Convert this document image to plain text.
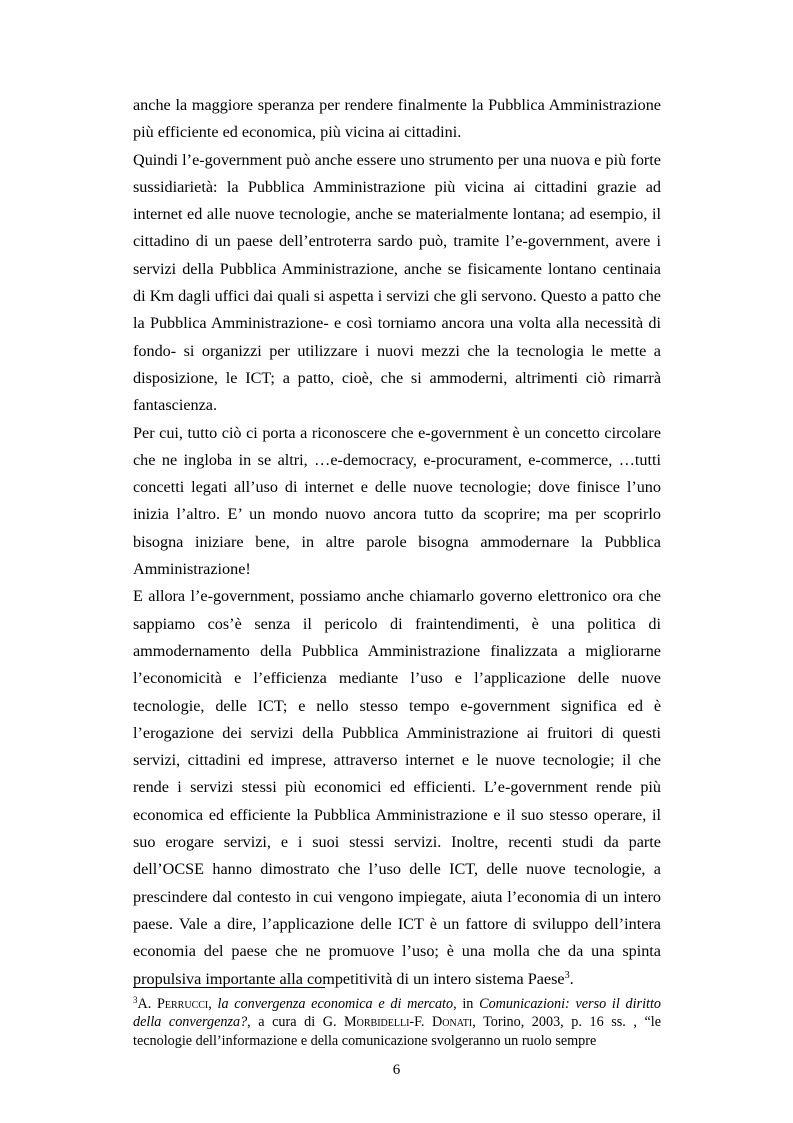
anche la maggiore speranza per rendere finalmente la Pubblica Amministrazione più efficiente ed economica, più vicina ai cittadini.

Quindi l’e-government può anche essere uno strumento per una nuova e più forte sussidiarietà: la Pubblica Amministrazione più vicina ai cittadini grazie ad internet ed alle nuove tecnologie, anche se materialmente lontana; ad esempio, il cittadino di un paese dell’entroterra sardo può, tramite l’e-government, avere i servizi della Pubblica Amministrazione, anche se fisicamente lontano centinaia di Km dagli uffici dai quali si aspetta i servizi che gli servono. Questo a patto che la Pubblica Amministrazione- e così torniamo ancora una volta alla necessità di fondo- si organizzi per utilizzare i nuovi mezzi che la tecnologia le mette a disposizione, le ICT; a patto, cioè, che si ammoderni, altrimenti ciò rimarrà fantascienza.

Per cui, tutto ciò ci porta a riconoscere che e-government è un concetto circolare che ne ingloba in se altri, …e-democracy, e-procurament, e-commerce, …tutti concetti legati all’uso di internet e delle nuove tecnologie; dove finisce l’uno inizia l’altro. E’ un mondo nuovo ancora tutto da scoprire; ma per scoprirlo bisogna iniziare bene, in altre parole bisogna ammodernare la Pubblica Amministrazione!

E allora l’e-government, possiamo anche chiamarlo governo elettronico ora che sappiamo cos’è senza il pericolo di fraintendimenti, è una politica di ammodernamento della Pubblica Amministrazione finalizzata a migliorarne l’economicità e l’efficienza mediante l’uso e l’applicazione delle nuove tecnologie, delle ICT; e nello stesso tempo e-government significa ed è l’erogazione dei servizi della Pubblica Amministrazione ai fruitori di questi servizi, cittadini ed imprese, attraverso internet e le nuove tecnologie; il che rende i servizi stessi più economici ed efficienti. L’e-government rende più economica ed efficiente la Pubblica Amministrazione e il suo stesso operare, il suo erogare servizi, e i suoi stessi servizi. Inoltre, recenti studi da parte dell’OCSE hanno dimostrato che l’uso delle ICT, delle nuove tecnologie, a prescindere dal contesto in cui vengono impiegate, aiuta l’economia di un intero paese. Vale a dire, l’applicazione delle ICT è un fattore di sviluppo dell’intera economia del paese che ne promuove l’uso; è una molla che da una spinta propulsiva importante alla competitività di un intero sistema Paese$^3$.

$^3$A. Perrucci, la convergenza economica e di mercato, in Comunicazioni: verso il diritto della convergenza?, a cura di G. Morbidelli-F. Donati, Torino, 2003, p. 16 ss. , “le tecnologie dell’informazione e della comunicazione svolgeranno un ruolo sempre
6
